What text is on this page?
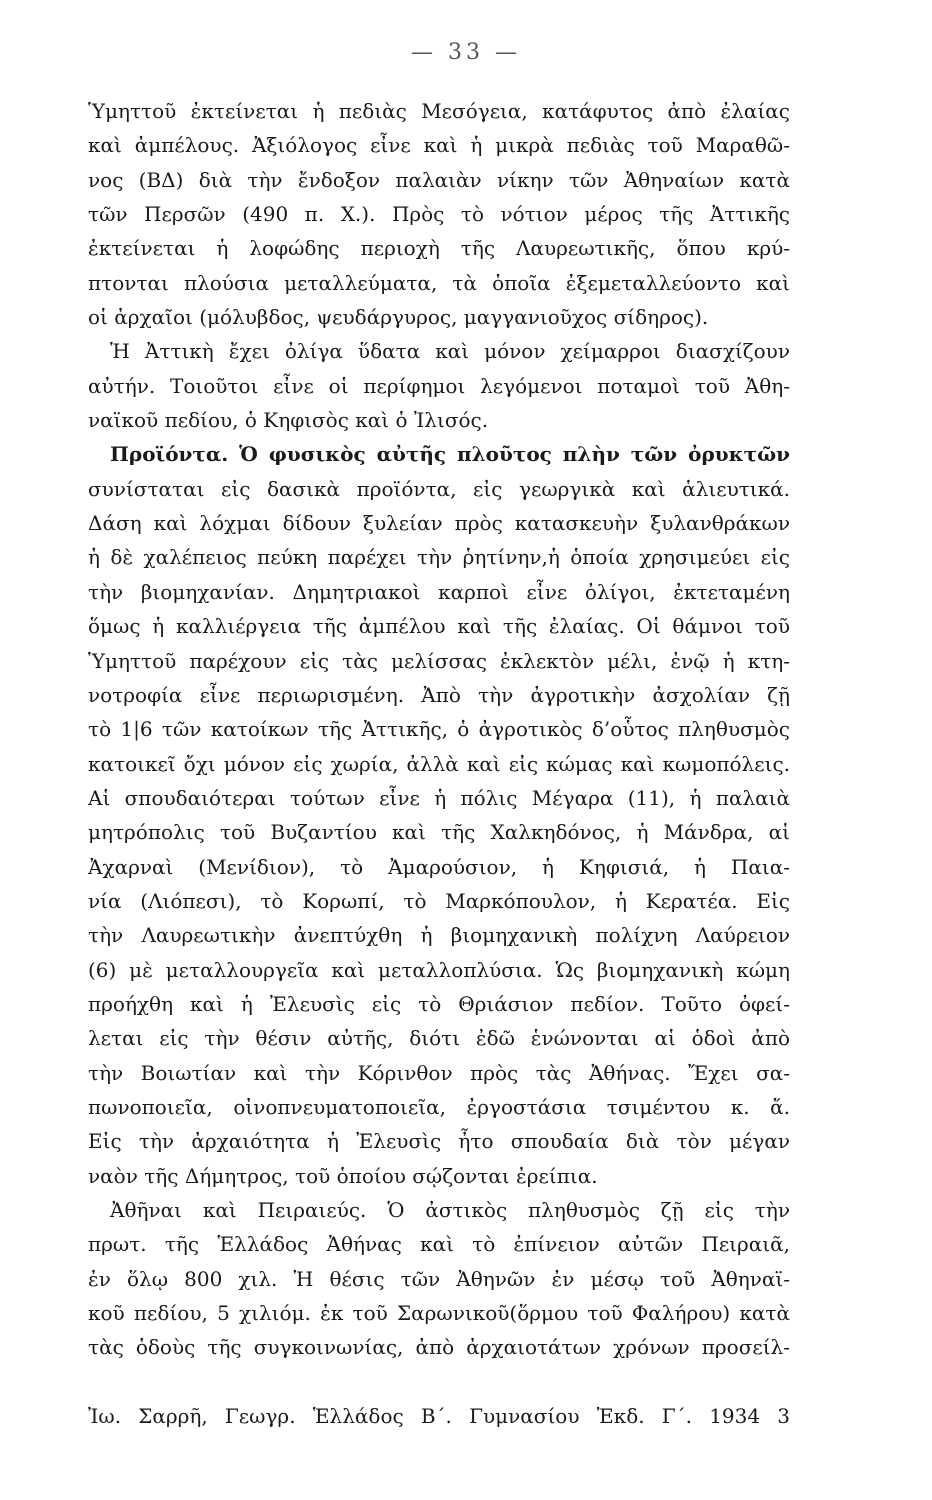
— 33 —
Ὑμηττοῦ ἐκτείνεται ἡ πεδιὰς Μεσόγεια, κατάφυτος ἀπὸ ἐλαίας
καὶ ἀμπέλους. Ἀξιόλογος εἶνε καὶ ἡ μικρὰ πεδιὰς τοῦ Μαραθῶ-
νος (ΒΔ) διὰ τὴν ἔνδοξον παλαιὰν νίκην τῶν Ἀθηναίων κατὰ
τῶν Περσῶν (490 π. Χ.). Πρὸς τὸ νότιον μέρος τῆς Ἀττικῆς
ἐκτείνεται ἡ λοφώδης περιοχὴ τῆς Λαυρεωτικῆς, ὅπου κρύ-
πτονται πλούσια μεταλλεύματα, τὰ ὁποῖα ἐξεμεταλλεύοντο καὶ
οἱ ἀρχαῖοι (μόλυβδος, ψευδάργυρος, μαγγανιοῦχος σίδηρος).
Ἡ Ἀττικὴ ἔχει ὀλίγα ὕδατα καὶ μόνον χείμαρροι διασχίζουν
αὐτήν. Τοιοῦτοι εἶνε οἱ περίφημοι λεγόμενοι ποταμοὶ τοῦ Ἀθη-
ναϊκοῦ πεδίου, ὁ Κηφισὸς καὶ ὁ Ἰλισός.
Προϊόντα. Ὁ φυσικὸς αὐτῆς πλοῦτος πλὴν τῶν ὀρυκτῶν
συνίσταται εἰς δασικὰ προϊόντα, εἰς γεωργικὰ καὶ ἁλιευτικά.
Δάση καὶ λόχμαι δίδουν ξυλείαν πρὸς κατασκευὴν ξυλανθράκων
ἡ δὲ χαλέπειος πεύκη παρέχει τὴν ῥητίνην,ἡ ὁποία χρησιμεύει εἰς
τὴν βιομηχανίαν. Δημητριακοὶ καρποὶ εἶνε ὀλίγοι, ἐκτεταμένη
ὅμως ἡ καλλιέργεια τῆς ἀμπέλου καὶ τῆς ἐλαίας. Οἱ θάμνοι τοῦ
Ὑμηττοῦ παρέχουν εἰς τὰς μελίσσας ἐκλεκτὸν μέλι, ἐνῷ ἡ κτη-
νοτροφία εἶνε περιωρισμένη. Ἀπὸ τὴν ἀγροτικὴν ἀσχολίαν ζῇ
τὸ 1|6 τῶν κατοίκων τῆς Ἀττικῆς, ὁ ἀγροτικὸς δ’οὗτος πληθυσμὸς
κατοικεῖ ὄχι μόνον εἰς χωρία, ἀλλὰ καὶ εἰς κώμας καὶ κωμοπόλεις.
Αἱ σπουδαιότεραι τούτων εἶνε ἡ πόλις Μέγαρα (11), ἡ παλαιὰ
μητρόπολις τοῦ Βυζαντίου καὶ τῆς Χαλκηδόνος, ἡ Μάνδρα, αἱ
Ἀχαρναὶ (Μενίδιον), τὸ Ἀμαρούσιον, ἡ Κηφισιά, ἡ Παια-
νία (Λιόπεσι), τὸ Κορωπί, τὸ Μαρκόπουλον, ἡ Κερατέα. Εἰς
τὴν Λαυρεωτικὴν ἀνεπτύχθη ἡ βιομηχανικὴ πολίχνη Λαύρειον
(6) μὲ μεταλλουργεῖα καὶ μεταλλοπλύσια. Ὡς βιομηχανικὴ κώμη
προήχθη καὶ ἡ Ἐλευσὶς εἰς τὸ Θριάσιον πεδίον. Τοῦτο ὀφεί-
λεται εἰς τὴν θέσιν αὐτῆς, διότι ἐδῶ ἑνώνονται αἱ ὁδοὶ ἀπὸ
τὴν Βοιωτίαν καὶ τὴν Κόρινθον πρὸς τὰς Ἀθήνας. Ἔχει σα-
πωνοποιεῖα, οἰνοπνευματοποιεῖα, ἐργοστάσια τσιμέντου κ. ἄ.
Εἰς τὴν ἀρχαιότητα ἡ Ἐλευσὶς ἦτο σπουδαία διὰ τὸν μέγαν
ναὸν τῆς Δήμητρος, τοῦ ὁποίου σῴζονται ἐρείπια.
Ἀθῆναι καὶ Πειραιεύς. Ὁ ἀστικὸς πληθυσμὸς ζῇ εἰς τὴν
πρωτ. τῆς Ἑλλάδος Ἀθήνας καὶ τὸ ἐπίνειον αὐτῶν Πειραιᾶ,
ἐν ὅλῳ 800 χιλ. Ἡ θέσις τῶν Ἀθηνῶν ἐν μέσῳ τοῦ Ἀθηναϊ-
κοῦ πεδίου, 5 χιλιόμ. ἐκ τοῦ Σαρωνικοῦ(ὅρμου τοῦ Φαλήρου) κατὰ
τὰς ὁδοὺς τῆς συγκοινωνίας, ἀπὸ ἀρχαιοτάτων χρόνων προσείλ-
Ἰω. Σαρρῆ, Γεωγρ. Ἑλλάδος Β΄. Γυμνασίου Ἐκδ. Γ΄. 1934 3
